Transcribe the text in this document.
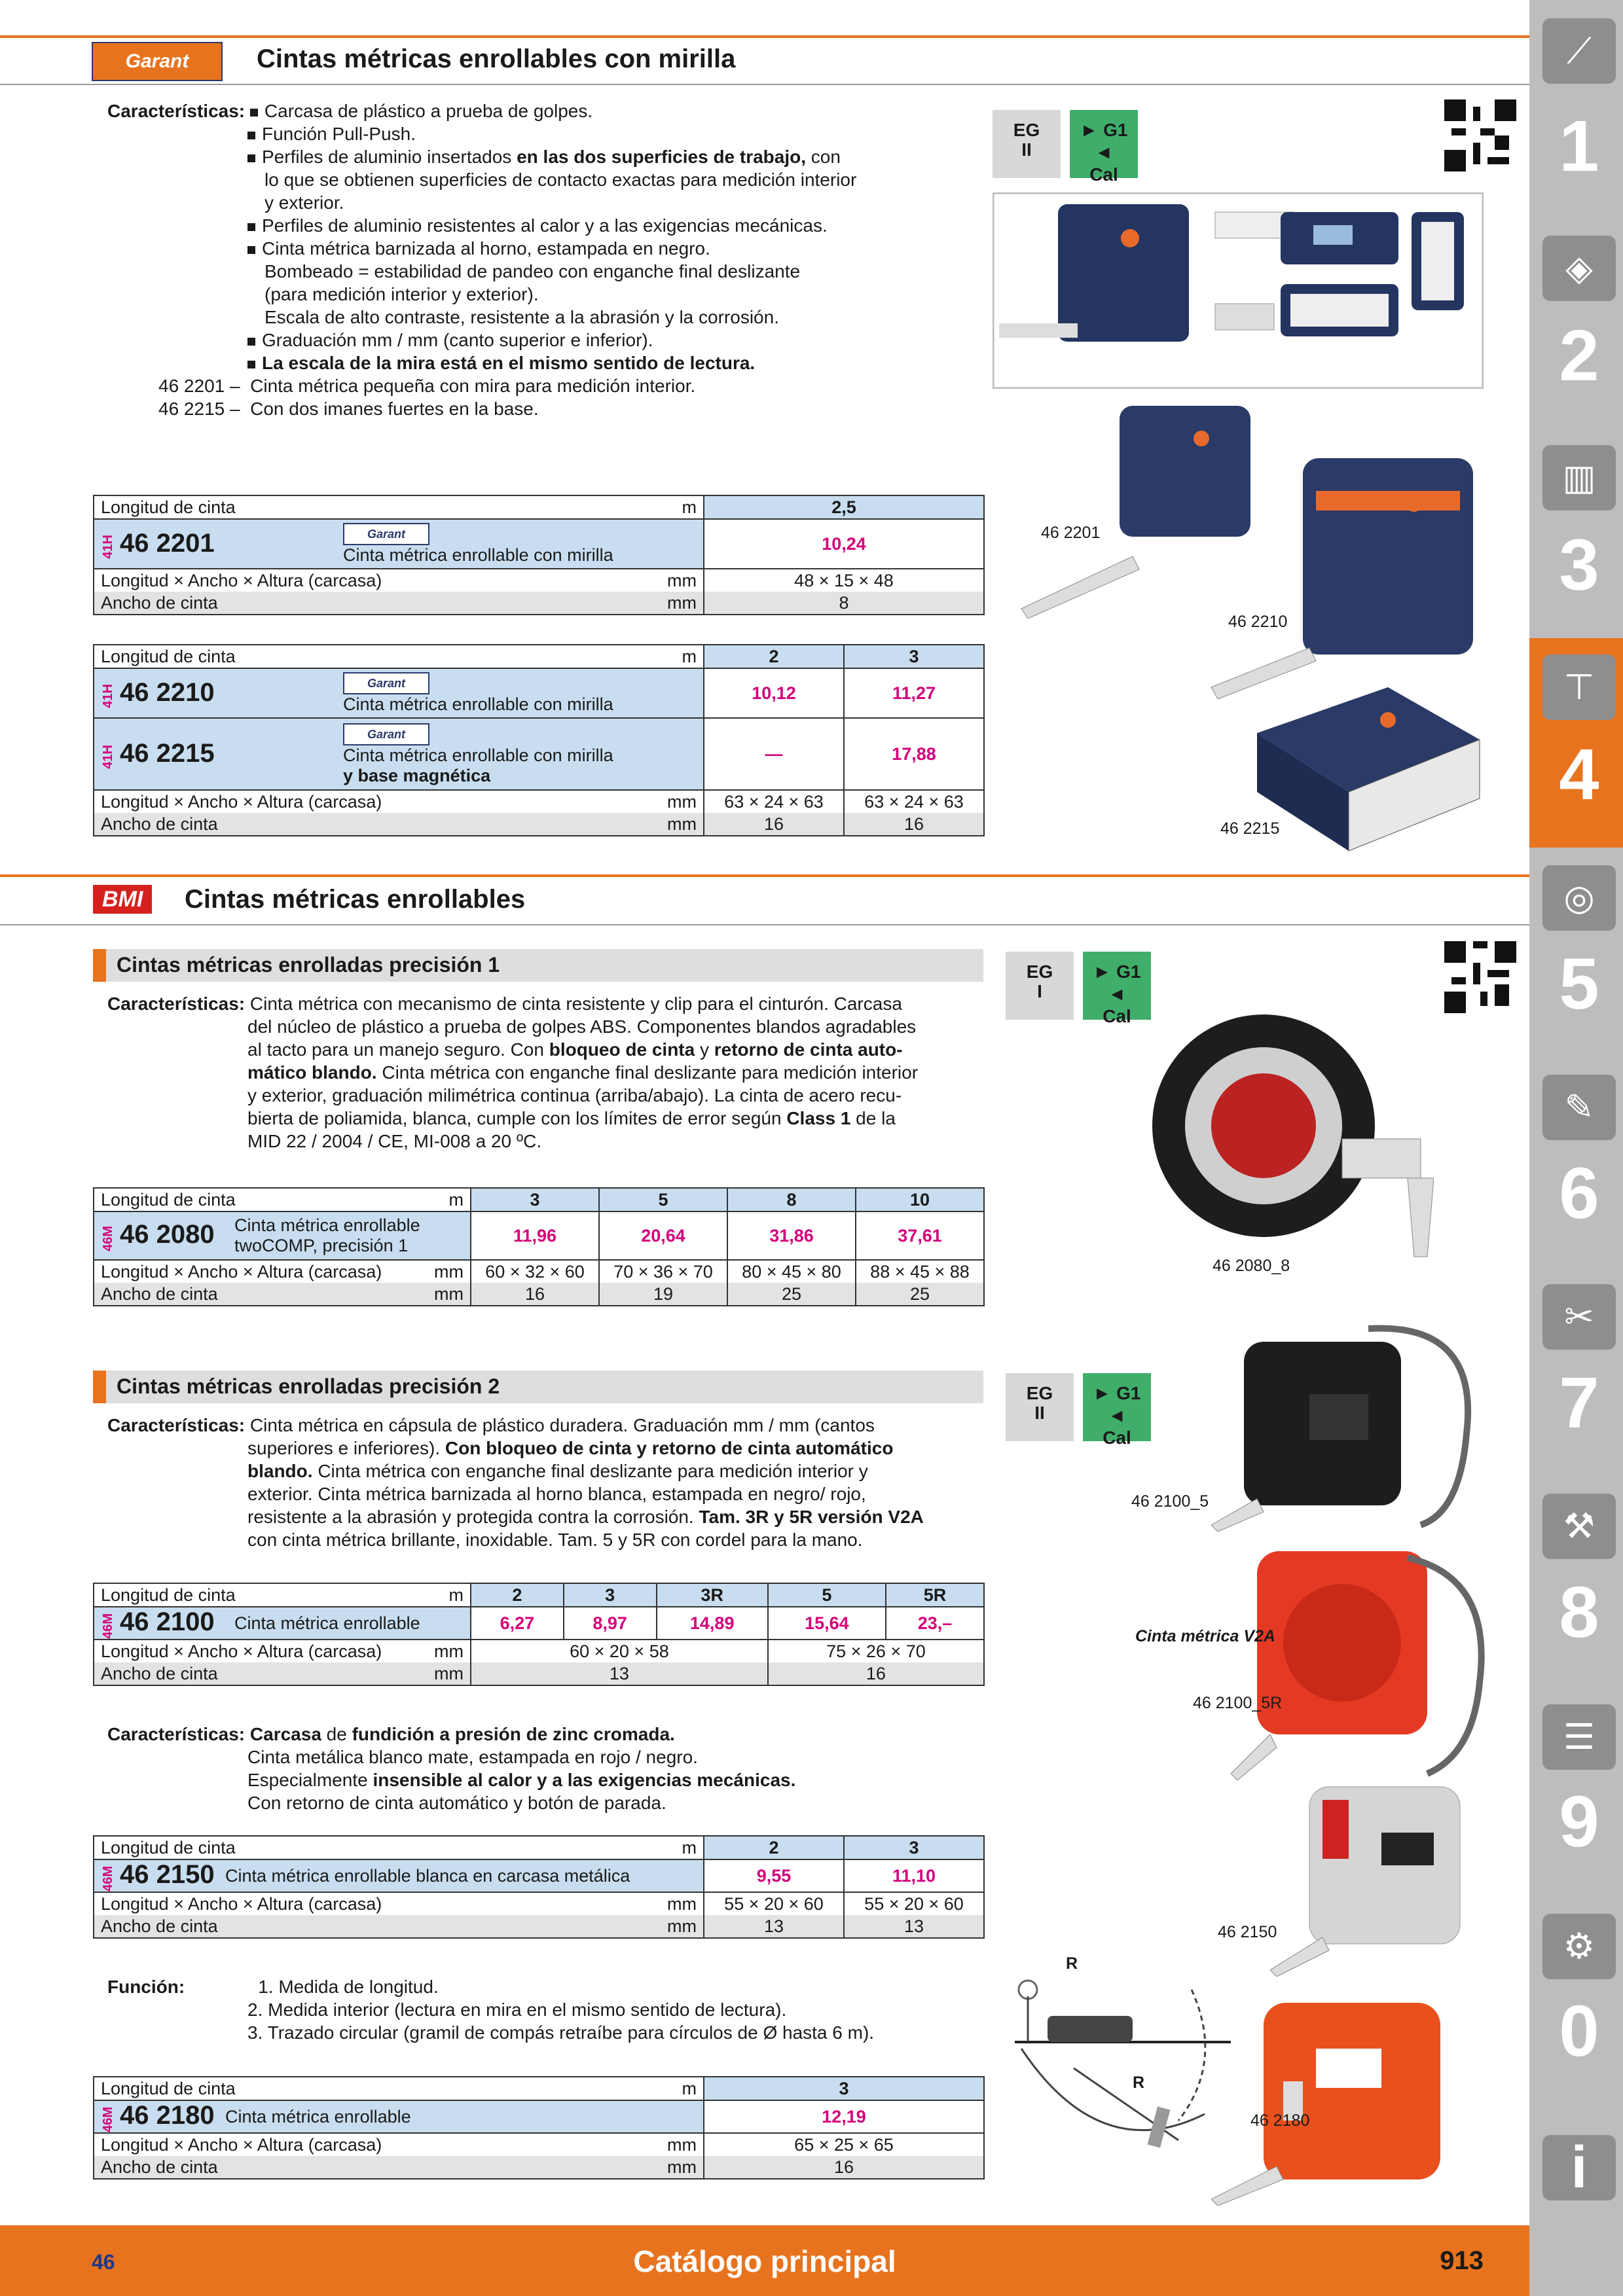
Garant	Cintas métricas enrollables con mirilla
Características: Carcasa de plástico a prueba de golpes.
Función Pull-Push.
Perfiles de aluminio insertados en las dos superficies de trabajo, con
lo que se obtienen superficies de contacto exactas para medición interior
y exterior.
Perfiles de aluminio resistentes al calor y a las exigencias mecánicas.
Cinta métrica barnizada al horno, estampada en negro.
Bombeado = estabilidad de pandeo con enganche final deslizante
(para medición interior y exterior).
Escala de alto contraste, resistente a la abrasión y la corrosión.
Graduación mm / mm (canto superior e inferior).
La escala de la mira está en el mismo sentido de lectura.
46 2201 – Cinta métrica pequeña con mira para medición interior.
46 2215 – Con dos imanes fuertes en la base.
EG
II
► G1 ◄
Cal
Longitud de cinta	m	2,5
41H 46 2201	Garant
Cinta métrica enrollable con mirilla	10,24
Longitud × Ancho × Altura (carcasa)	mm	48 × 15 × 48
Ancho de cinta	mm	8
Longitud de cinta	m	2	3
41H 46 2210	Garant
Cinta métrica enrollable con mirilla	10,12	11,27
41H 46 2215	Garant
Cinta métrica enrollable con mirilla
y base magnética	—	17,88
Longitud × Ancho × Altura (carcasa)	mm	63 × 24 × 63	63 × 24 × 63
Ancho de cinta	mm	16	16
46 2201
46 2210
46 2215
BMI	Cintas métricas enrollables
Cintas métricas enrolladas precisión 1
Características: Cinta métrica con mecanismo de cinta resistente y clip para el cinturón. Carcasa
del núcleo de plástico a prueba de golpes ABS. Componentes blandos agradables
al tacto para un manejo seguro. Con bloqueo de cinta y retorno de cinta auto-
mático blando. Cinta métrica con enganche final deslizante para medición interior
y exterior, graduación milimétrica continua (arriba/abajo). La cinta de acero recu-
bierta de poliamida, blanca, cumple con los límites de error según Class 1 de la
MID 22 / 2004 / CE, MI-008 a 20 ºC.
EG
I
► G1 ◄
Cal
Longitud de cinta	m	3	5	8	10
46M 46 2080	Cinta métrica enrollable
twoCOMP, precisión 1	11,96	20,64	31,86	37,61
Longitud × Ancho × Altura (carcasa)	mm	60 × 32 × 60	70 × 36 × 70	80 × 45 × 80	88 × 45 × 88
Ancho de cinta	mm	16	19	25	25
46 2080_8
Cintas métricas enrolladas precisión 2
Características: Cinta métrica en cápsula de plástico duradera. Graduación mm / mm (cantos
superiores e inferiores). Con bloqueo de cinta y retorno de cinta automático
blando. Cinta métrica con enganche final deslizante para medición interior y
exterior. Cinta métrica barnizada al horno blanca, estampada en negro/ rojo,
resistente a la abrasión y protegida contra la corrosión. Tam. 3R y 5R versión V2A
con cinta métrica brillante, inoxidable. Tam. 5 y 5R con cordel para la mano.
EG
II
► G1 ◄
Cal
Longitud de cinta	m	2	3	3R	5	5R
46M 46 2100	Cinta métrica enrollable	6,27	8,97	14,89	15,64	23,–
Longitud × Ancho × Altura (carcasa)	mm	60 × 20 × 58			75 × 26 × 70	
Ancho de cinta	mm	13			16	
46 2100_5
Cinta métrica V2A
46 2100_5R
Características: Carcasa de fundición a presión de zinc cromada.
Cinta metálica blanco mate, estampada en rojo / negro.
Especialmente insensible al calor y a las exigencias mecánicas.
Con retorno de cinta automático y botón de parada.
Longitud de cinta	m	2	3
46M 46 2150	Cinta métrica enrollable blanca en carcasa metálica	9,55	11,10
Longitud × Ancho × Altura (carcasa)	mm	55 × 20 × 60	55 × 20 × 60
Ancho de cinta	mm	13	13	46 2150
Función:	1. Medida de longitud.
2. Medida interior (lectura en mira en el mismo sentido de lectura).
3. Trazado circular (gramil de compás retraíbe para círculos de Ø hasta 6 m).
Longitud de cinta	m	3
46M 46 2180	Cinta métrica enrollable	12,19
Longitud × Ancho × Altura (carcasa)	mm	65 × 25 × 65
Ancho de cinta	mm	16
R
R
46 2180
⟋
1
◈
2
▥
3
⊤
4
◎
5
✎
6
✂
7
⚒
8
☰
9
⚙
0
i
46	Catálogo principal	913
